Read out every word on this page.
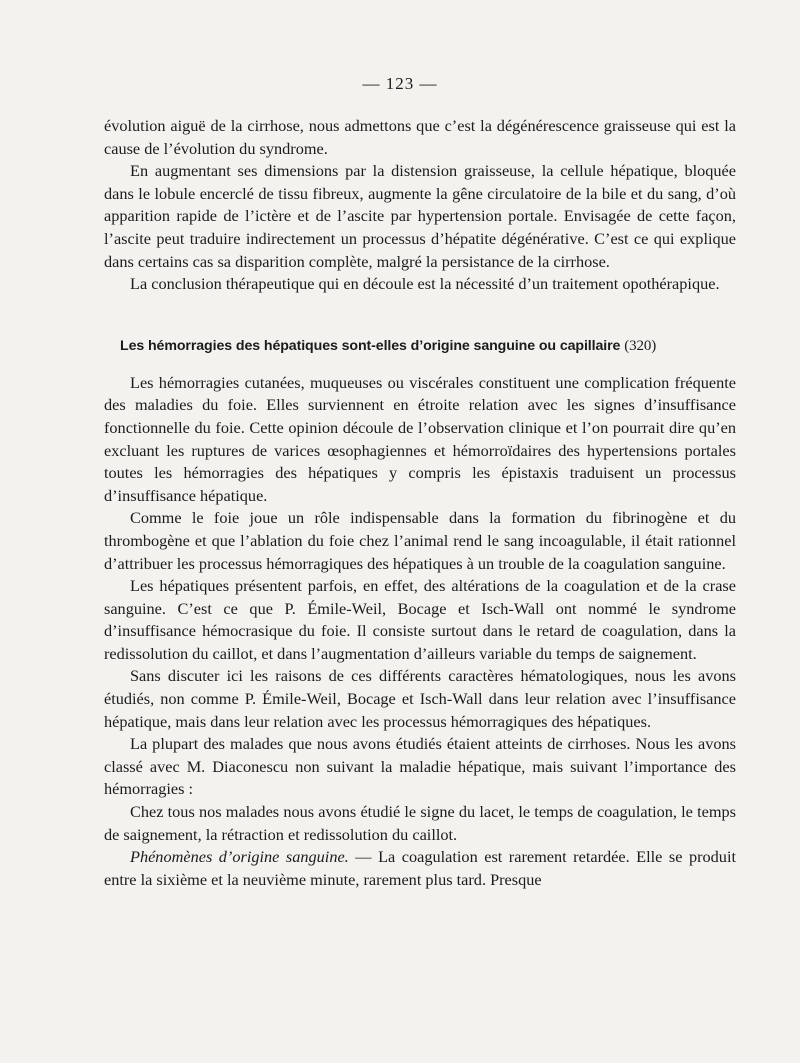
— 123 —

évolution aiguë de la cirrhose, nous admettons que c’est la dégénérescence graisseuse qui est la cause de l’évolution du syndrome.

En augmentant ses dimensions par la distension graisseuse, la cellule hépatique, bloquée dans le lobule encerclé de tissu fibreux, augmente la gêne circulatoire de la bile et du sang, d’où apparition rapide de l’ictère et de l’ascite par hypertension portale. Envisagée de cette façon, l’ascite peut traduire indirectement un processus d’hépatite dégénérative. C’est ce qui explique dans certains cas sa disparition complète, malgré la persistance de la cirrhose.

La conclusion thérapeutique qui en découle est la nécessité d’un traitement opothérapique.

Les hémorragies des hépatiques sont-elles d’origine sanguine ou capillaire (320)

Les hémorragies cutanées, muqueuses ou viscérales constituent une complication fréquente des maladies du foie. Elles surviennent en étroite relation avec les signes d’insuffisance fonctionnelle du foie. Cette opinion découle de l’observation clinique et l’on pourrait dire qu’en excluant les ruptures de varices œsophagiennes et hémorroïdaires des hypertensions portales toutes les hémorragies des hépatiques y compris les épistaxis traduisent un processus d’insuffisance hépatique.

Comme le foie joue un rôle indispensable dans la formation du fibrinogène et du thrombogène et que l’ablation du foie chez l’animal rend le sang incoagulable, il était rationnel d’attribuer les processus hémorragiques des hépatiques à un trouble de la coagulation sanguine.

Les hépatiques présentent parfois, en effet, des altérations de la coagulation et de la crase sanguine. C’est ce que P. Émile-Weil, Bocage et Isch-Wall ont nommé le syndrome d’insuffisance hémocrasique du foie. Il consiste surtout dans le retard de coagulation, dans la redissolution du caillot, et dans l’augmentation d’ailleurs variable du temps de saignement.

Sans discuter ici les raisons de ces différents caractères hématologiques, nous les avons étudiés, non comme P. Émile-Weil, Bocage et Isch-Wall dans leur relation avec l’insuffisance hépatique, mais dans leur relation avec les processus hémorragiques des hépatiques.

La plupart des malades que nous avons étudiés étaient atteints de cirrhoses. Nous les avons classé avec M. Diaconescu non suivant la maladie hépatique, mais suivant l’importance des hémorragies :

Chez tous nos malades nous avons étudié le signe du lacet, le temps de coagulation, le temps de saignement, la rétraction et redissolution du caillot.

Phénomènes d’origine sanguine. — La coagulation est rarement retardée. Elle se produit entre la sixième et la neuvième minute, rarement plus tard. Presque
